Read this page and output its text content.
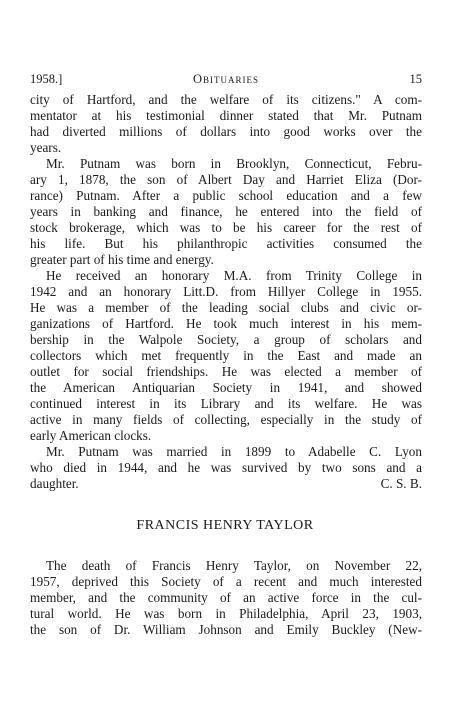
1958.]	Obituaries	15
city of Hartford, and the welfare of its citizens." A com-
mentator at his testimonial dinner stated that Mr. Putnam
had diverted millions of dollars into good works over the
years.
Mr. Putnam was born in Brooklyn, Connecticut, Febru-
ary 1, 1878, the son of Albert Day and Harriet Eliza (Dor-
rance) Putnam. After a public school education and a few
years in banking and finance, he entered into the field of
stock brokerage, which was to be his career for the rest of
his life. But his philanthropic activities consumed the
greater part of his time and energy.
He received an honorary M.A. from Trinity College in
1942 and an honorary Litt.D. from Hillyer College in 1955.
He was a member of the leading social clubs and civic or-
ganizations of Hartford. He took much interest in his mem-
bership in the Walpole Society, a group of scholars and
collectors which met frequently in the East and made an
outlet for social friendships. He was elected a member of
the American Antiquarian Society in 1941, and showed
continued interest in its Library and its welfare. He was
active in many fields of collecting, especially in the study of
early American clocks.
Mr. Putnam was married in 1899 to Adabelle C. Lyon
who died in 1944, and he was survived by two sons and a
daughter.	C. S. B.
FRANCIS HENRY TAYLOR
The death of Francis Henry Taylor, on November 22,
1957, deprived this Society of a recent and much interested
member, and the community of an active force in the cul-
tural world. He was born in Philadelphia, April 23, 1903,
the son of Dr. William Johnson and Emily Buckley (New-
